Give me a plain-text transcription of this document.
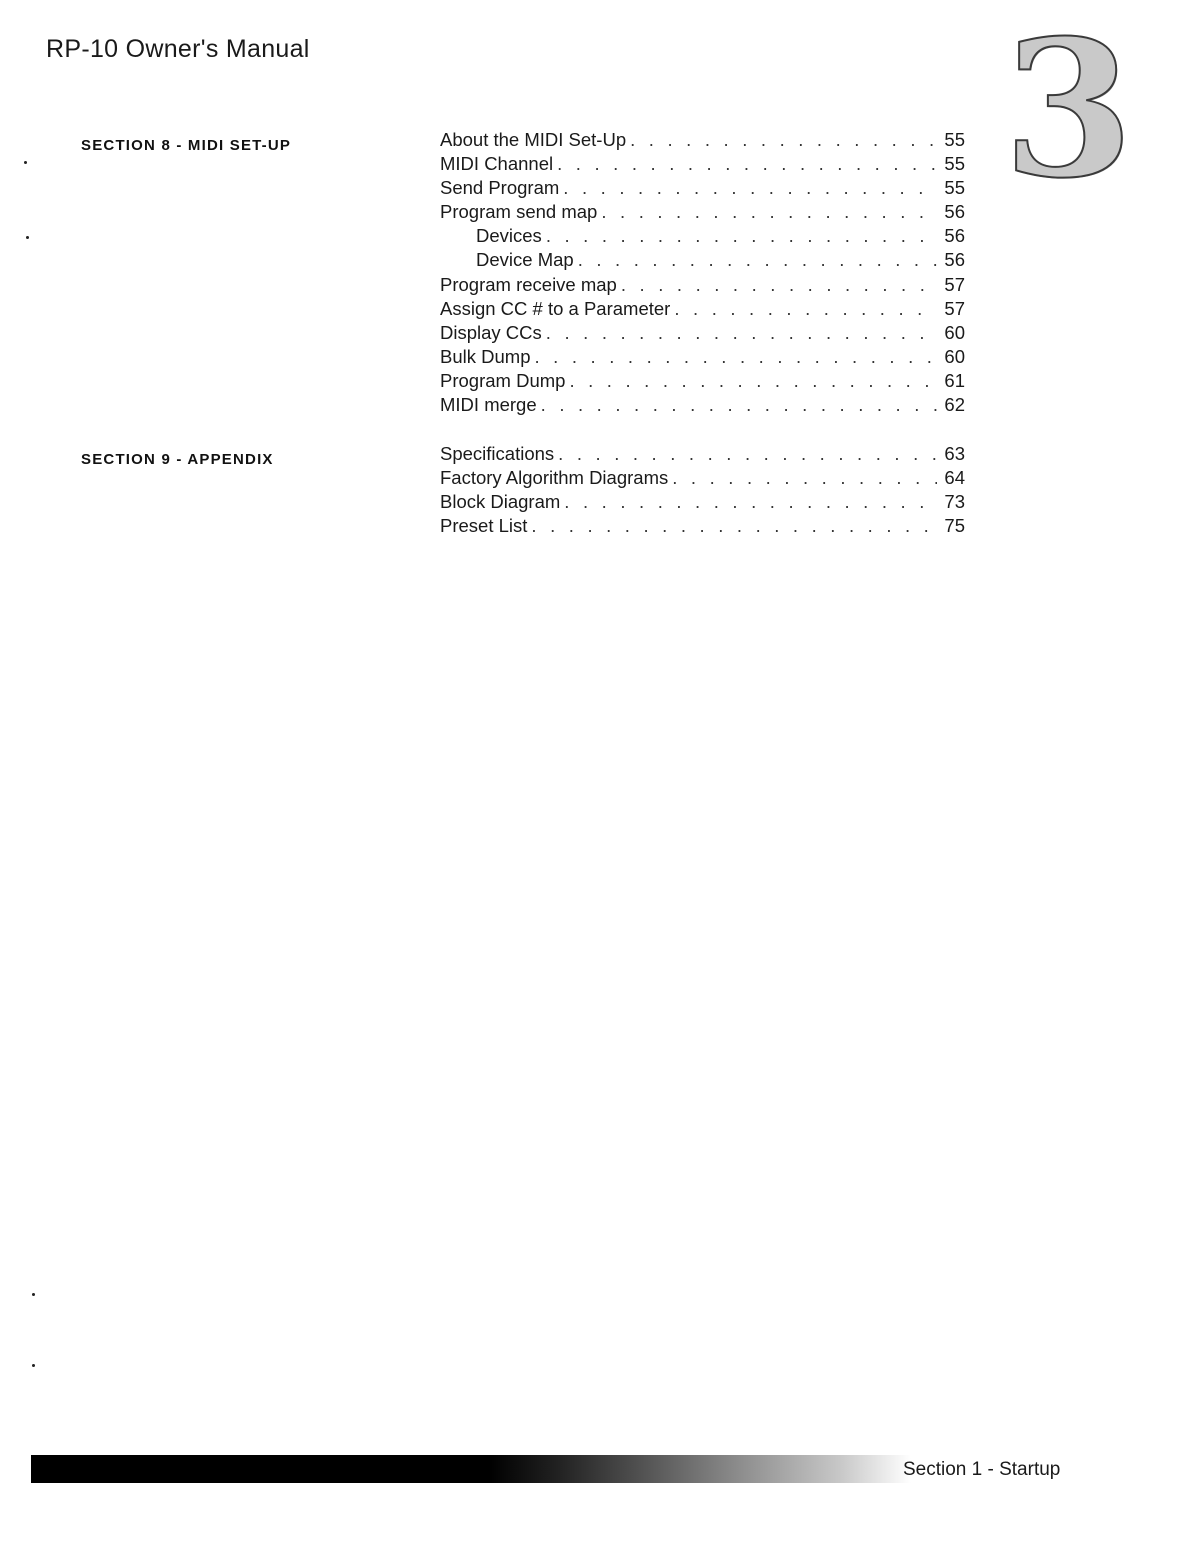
RP-10 Owner's Manual	3
SECTION 8 - MIDI SET-UP	About the MIDI Set-Up . . .	55
MIDI Channel . . .	55
Send Program . . .	55
Program send map . . .	56
Devices . . .	56
Device Map . . .	56
Program receive map . . .	57
Assign CC # to a Parameter . . .	57
Display CCs . . .	60
Bulk Dump . . .	60
Program Dump . . .	61
MIDI merge . . .	62
SECTION 9 - APPENDIX	Specifications . . .	63
Factory Algorithm Diagrams . . .	64
Block Diagram . . .	73
Preset List . . .	75
Section 1 - Startup
